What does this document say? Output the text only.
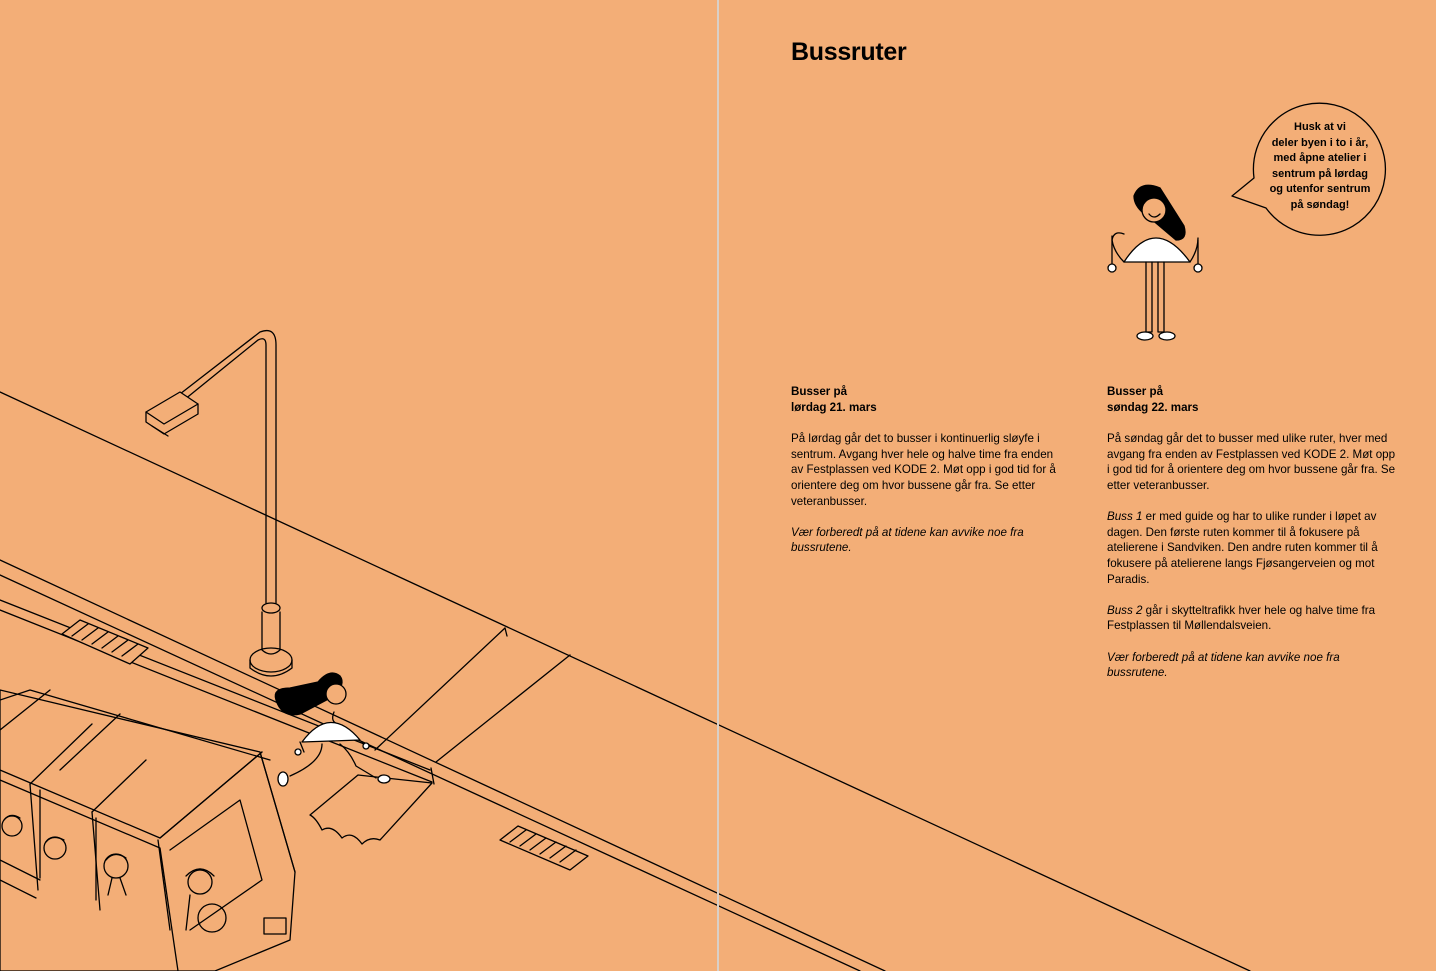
Bussruter
Husk at vi
deler byen i to i år,
med åpne atelier i
sentrum på lørdag
og utenfor sentrum
på søndag!
Busser på
lørdag 21. mars

På lørdag går det to busser i kontinuerlig sløyfe i sentrum. Avgang hver hele og halve time fra enden av Festplassen ved KODE 2. Møt opp i god tid for å orientere deg om hvor bussene går fra. Se etter veteranbusser.

Vær forberedt på at tidene kan avvike noe fra bussrutene.

Busser på
søndag 22. mars

På søndag går det to busser med ulike ruter, hver med avgang fra enden av Festplassen ved KODE 2. Møt opp i god tid for å orientere deg om hvor bussene går fra. Se etter veteranbusser.

Buss 1 er med guide og har to ulike runder i løpet av dagen. Den første ruten kommer til å fokusere på atelierene i Sandviken. Den andre ruten kommer til å fokusere på atelierene langs Fjøsangerveien og mot Paradis.

Buss 2 går i skytteltrafikk hver hele og halve time fra Festplassen til Møllendalsveien.

Vær forberedt på at tidene kan avvike noe fra bussrutene.
